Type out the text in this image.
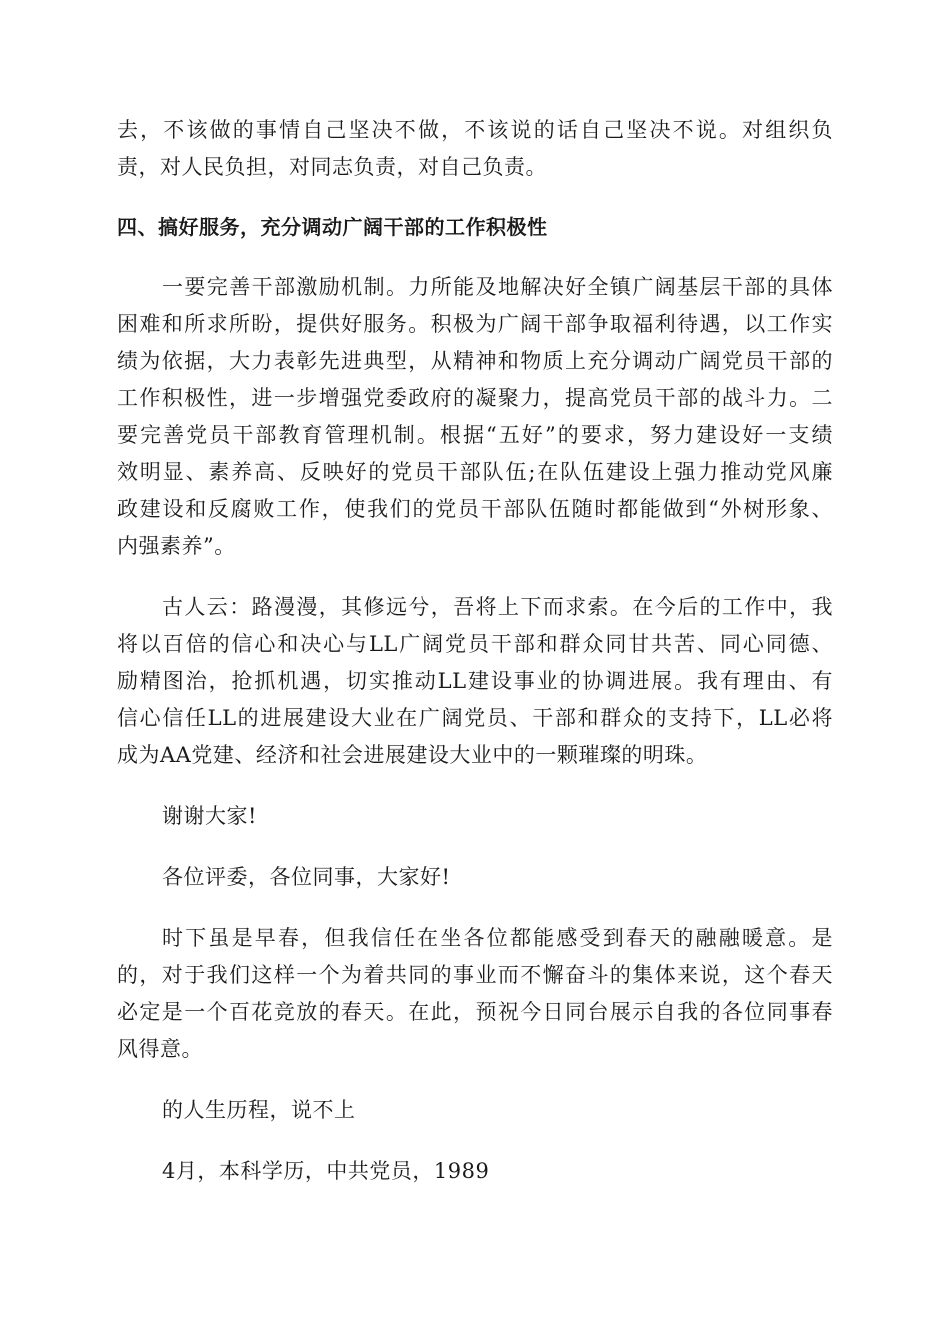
去，不该做的事情自己坚决不做，不该说的话自己坚决不说。对组织负
责，对人民负担，对同志负责，对自己负责。
四、搞好服务，充分调动广阔干部的工作积极性
一要完善干部激励机制。力所能及地解决好全镇广阔基层干部的具体
困难和所求所盼，提供好服务。积极为广阔干部争取福利待遇，以工作实
绩为依据，大力表彰先进典型，从精神和物质上充分调动广阔党员干部的
工作积极性，进一步增强党委政府的凝聚力，提高党员干部的战斗力。二
要完善党员干部教育管理机制。根据“五好”的要求，努力建设好一支绩
效明显、素养高、反映好的党员干部队伍;在队伍建设上强力推动党风廉
政建设和反腐败工作，使我们的党员干部队伍随时都能做到“外树形象、
内强素养”。
古人云：路漫漫，其修远兮，吾将上下而求索。在今后的工作中，我
将以百倍的信心和决心与LL广阔党员干部和群众同甘共苦、同心同德、
励精图治，抢抓机遇，切实推动LL建设事业的协调进展。我有理由、有
信心信任LL的进展建设大业在广阔党员、干部和群众的支持下，LL必将
成为AA党建、经济和社会进展建设大业中的一颗璀璨的明珠。
谢谢大家!
各位评委，各位同事，大家好!
时下虽是早春，但我信任在坐各位都能感受到春天的融融暖意。是
的，对于我们这样一个为着共同的事业而不懈奋斗的集体来说，这个春天
必定是一个百花竞放的春天。在此，预祝今日同台展示自我的各位同事春
风得意。
的人生历程，说不上
4月，本科学历，中共党员，1989
